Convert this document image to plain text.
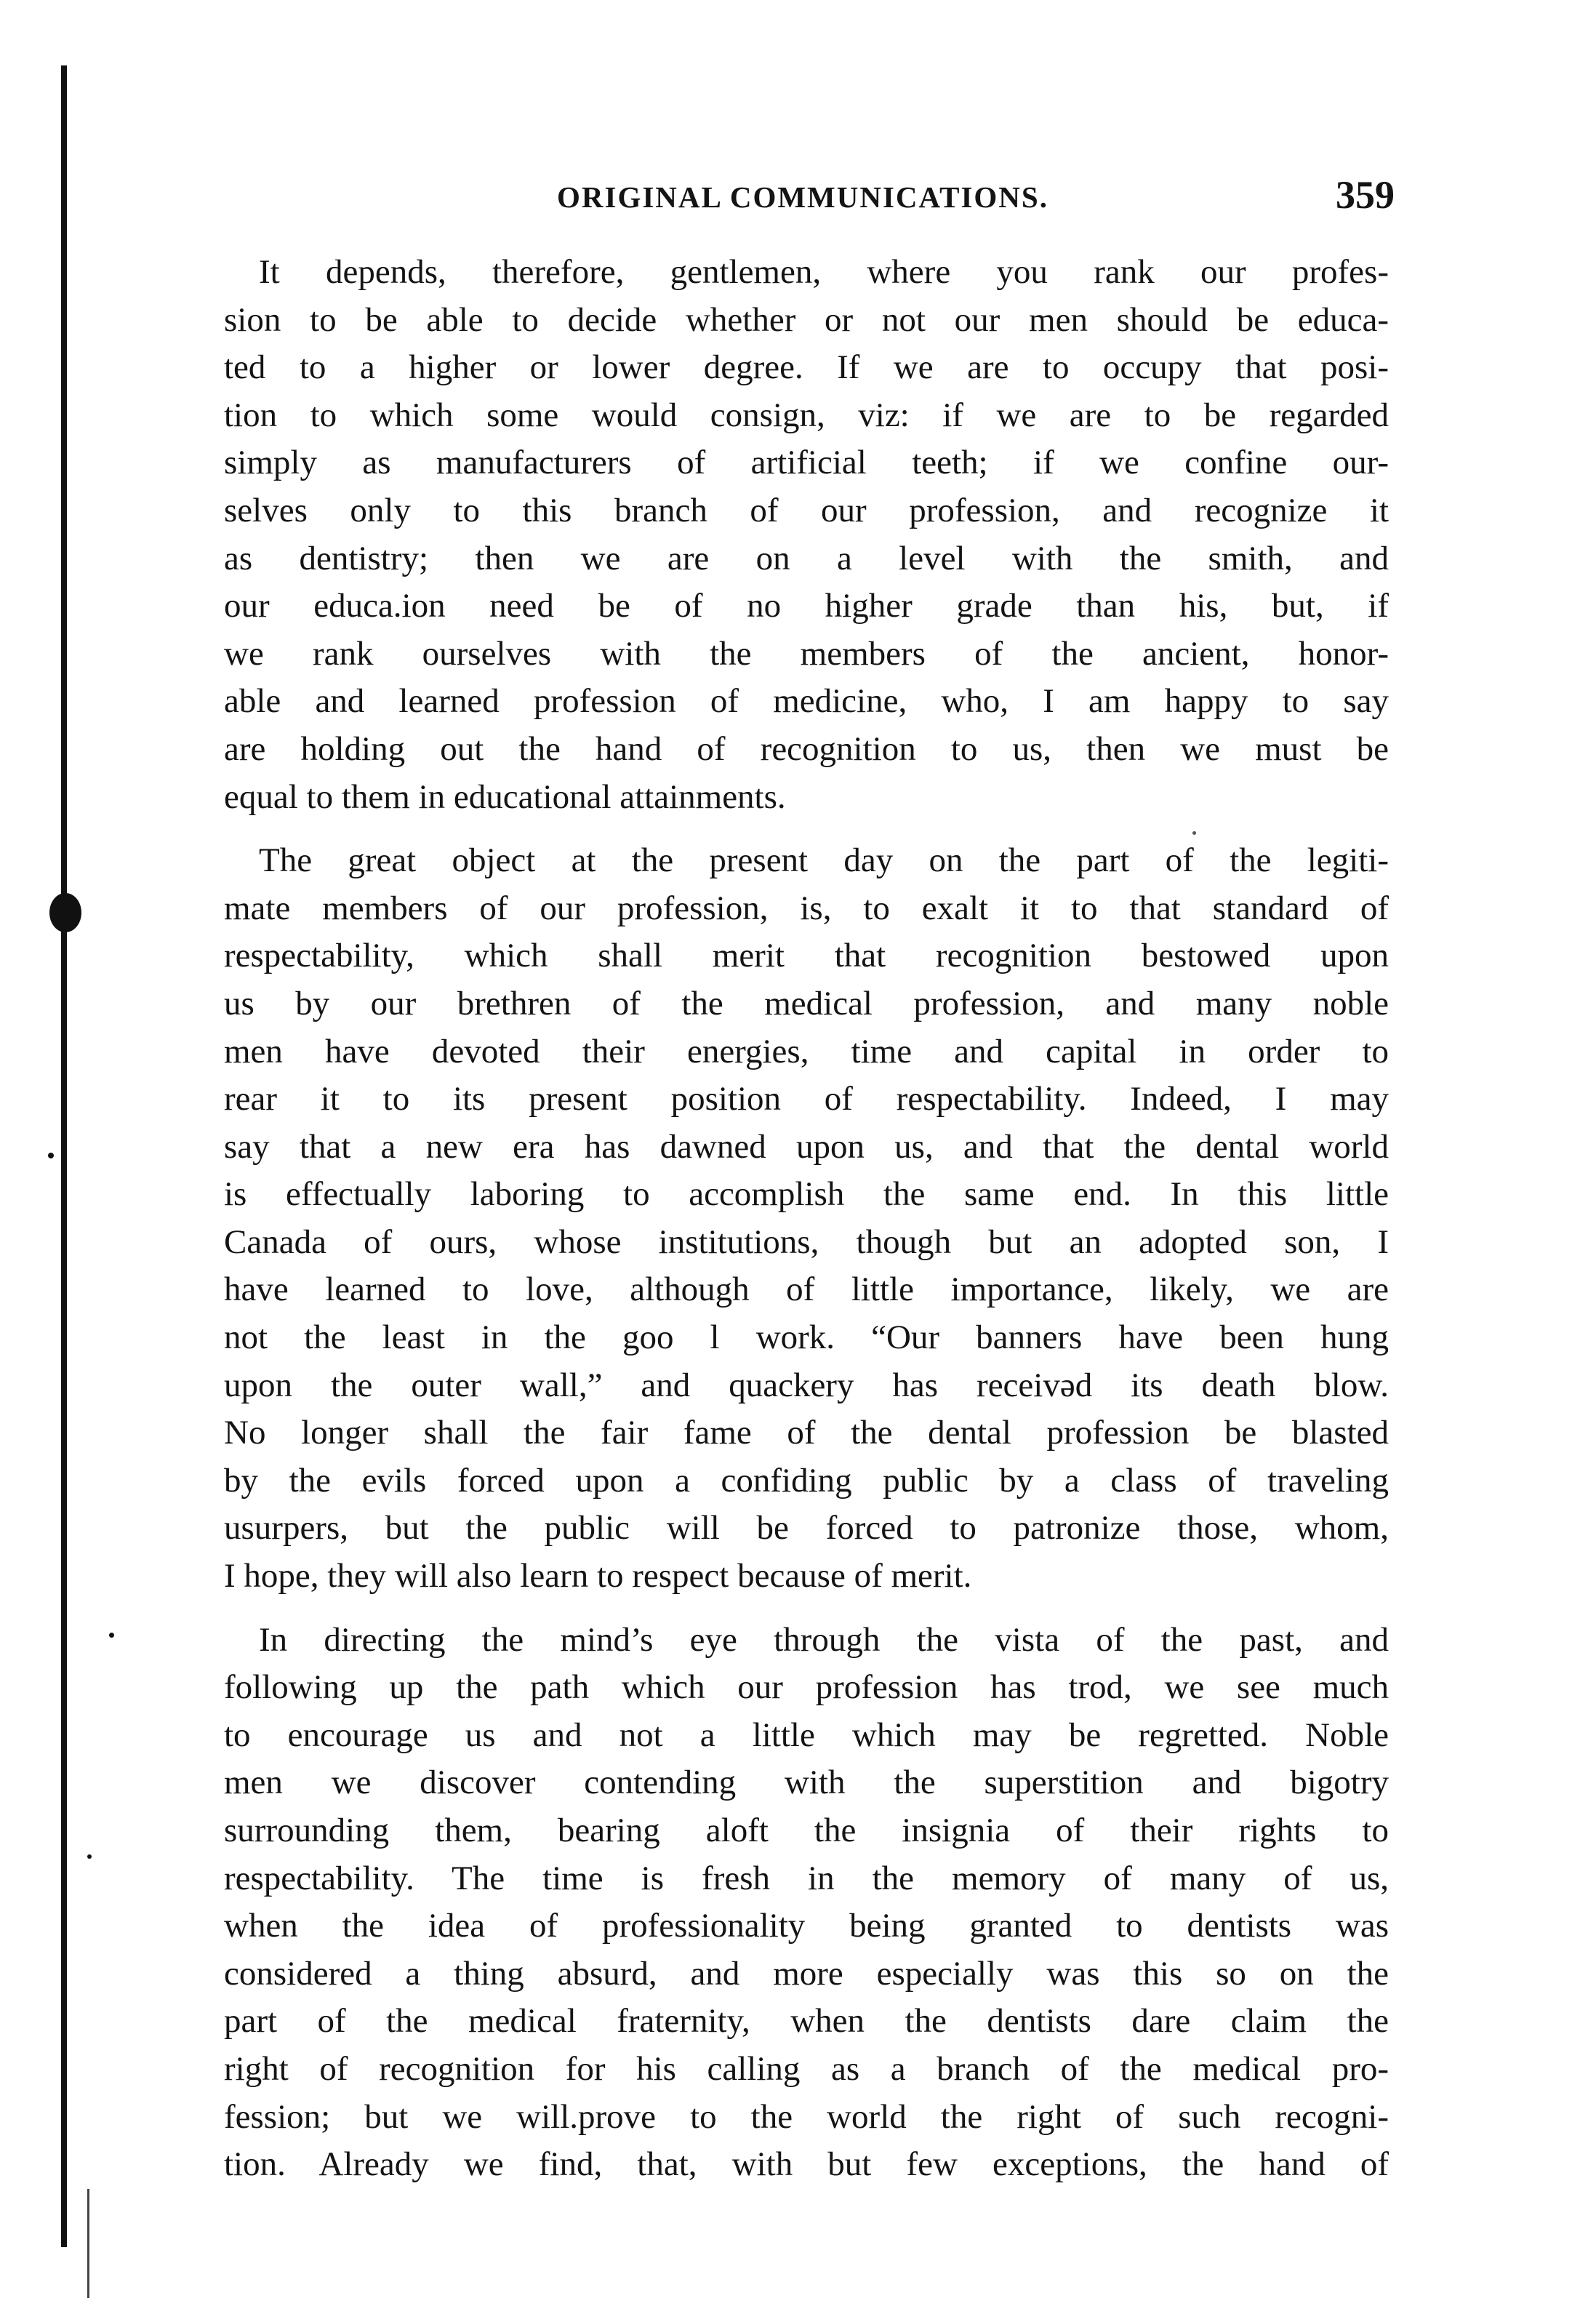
ORIGINAL COMMUNICATIONS.	359
It depends, therefore, gentlemen, where you rank our profes-
sion to be able to decide whether or not our men should be educa-
ted to a higher or lower degree. If we are to occupy that posi-
tion to which some would consign, viz: if we are to be regarded
simply as manufacturers of artificial teeth; if we confine our-
selves only to this branch of our profession, and recognize it
as dentistry; then we are on a level with the smith, and
our educa.ion need be of no higher grade than his, but, if
we rank ourselves with the members of the ancient, honor-
able and learned profession of medicine, who, I am happy to say
are holding out the hand of recognition to us, then we must be
equal to them in educational attainments.
The great object at the present day on the part of the legiti-
mate members of our profession, is, to exalt it to that standard of
respectability, which shall merit that recognition bestowed upon
us by our brethren of the medical profession, and many noble
men have devoted their energies, time and capital in order to
rear it to its present position of respectability. Indeed, I may
say that a new era has dawned upon us, and that the dental world
is effectually laboring to accomplish the same end. In this little
Canada of ours, whose institutions, though but an adopted son, I
have learned to love, although of little importance, likely, we are
not the least in the goo l work. “Our banners have been hung
upon the outer wall,” and quackery has receivəd its death blow.
No longer shall the fair fame of the dental profession be blasted
by the evils forced upon a confiding public by a class of traveling
usurpers, but the public will be forced to patronize those, whom,
I hope, they will also learn to respect because of merit.
In directing the mind’s eye through the vista of the past, and
following up the path which our profession has trod, we see much
to encourage us and not a little which may be regretted. Noble
men we discover contending with the superstition and bigotry
surrounding them, bearing aloft the insignia of their rights to
respectability. The time is fresh in the memory of many of us,
when the idea of professionality being granted to dentists was
considered a thing absurd, and more especially was this so on the
part of the medical fraternity, when the dentists dare claim the
right of recognition for his calling as a branch of the medical pro-
fession; but we will.prove to the world the right of such recogni-
tion. Already we find, that, with but few exceptions, the hand of
